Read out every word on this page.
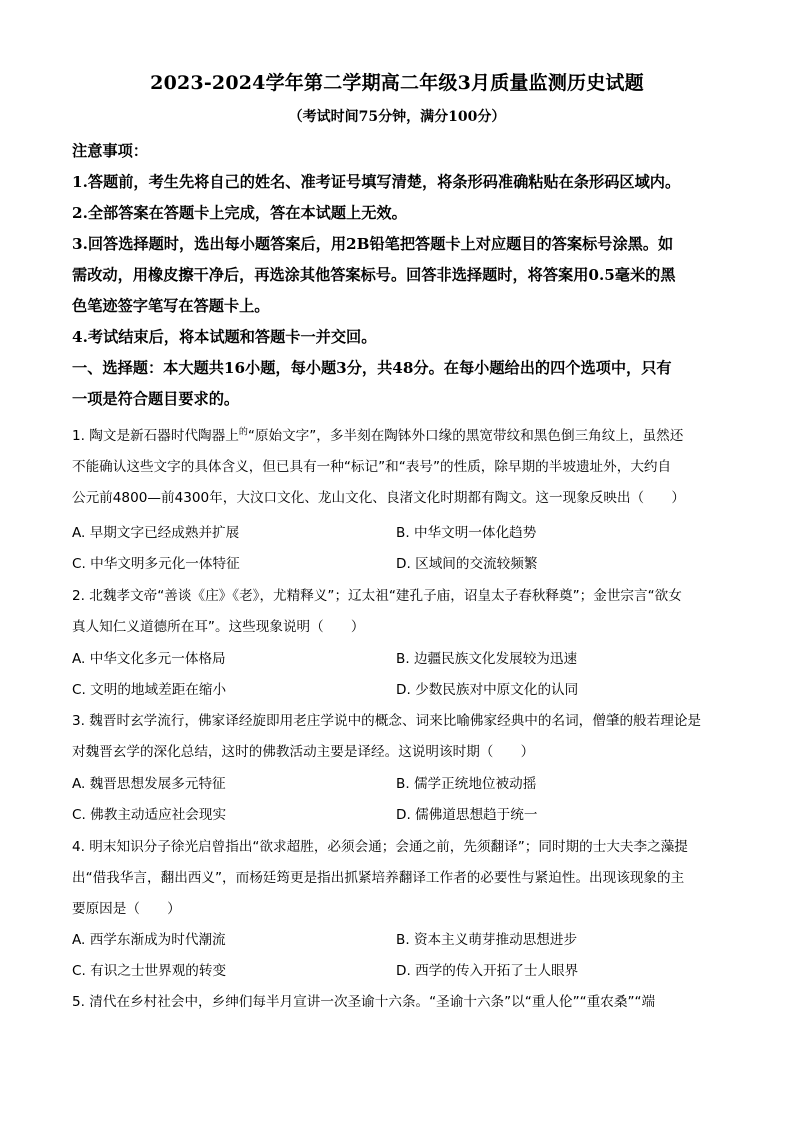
2023-2024学年第二学期高二年级3月质量监测历史试题
（考试时间75分钟，满分100分）
注意事项：
1.答题前，考生先将自己的姓名、准考证号填写清楚，将条形码准确粘贴在条形码区域内。
2.全部答案在答题卡上完成，答在本试题上无效。
3.回答选择题时，选出每小题答案后，用2B铅笔把答题卡上对应题目的答案标号涂黑。如
需改动，用橡皮擦干净后，再选涂其他答案标号。回答非选择题时，将答案用0.5毫米的黑
色笔迹签字笔写在答题卡上。
4.考试结束后，将本试题和答题卡一并交回。
一、选择题：本大题共16小题，每小题3分，共48分。在每小题给出的四个选项中，只有
一项是符合题目要求的。
1. 陶文是新石器时代陶器上$^的$“原始文字”，多半刻在陶钵外口缘的黑宽带纹和黑色倒三角纹上，虽然还
不能确认这些文字的具体含义，但已具有一种“标记”和“表号”的性质，除早期的半坡遗址外，大约自
公元前4800—前4300年，大汶口文化、龙山文化、良渚文化时期都有陶文。这一现象反映出（　　）
A. 早期文字已经成熟并扩展	B. 中华文明一体化趋势
C. 中华文明多元化一体特征	D. 区域间的交流较频繁
2. 北魏孝文帝“善谈《庄》《老》，尤精释义”；辽太祖“建孔子庙，诏皇太子春秋释奠”；金世宗言“欲女
真人知仁义道德所在耳”。这些现象说明（　　）
A. 中华文化多元一体格局	B. 边疆民族文化发展较为迅速
C. 文明的地域差距在缩小	D. 少数民族对中原文化的认同
3. 魏晋时玄学流行，佛家译经旋即用老庄学说中的概念、词来比喻佛家经典中的名词，僧肇的般若理论是
对魏晋玄学的深化总结，这时的佛教活动主要是译经。这说明该时期（　　）
A. 魏晋思想发展多元特征	B. 儒学正统地位被动摇
C. 佛教主动适应社会现实	D. 儒佛道思想趋于统一
4. 明末知识分子徐光启曾指出“欲求超胜，必须会通；会通之前，先须翻译”；同时期的士大夫李之藻提
出“借我华言，翻出西义”，而杨廷筠更是指出抓紧培养翻译工作者的必要性与紧迫性。出现该现象的主
要原因是（　　）
A. 西学东渐成为时代潮流	B. 资本主义萌芽推动思想进步
C. 有识之士世界观的转变	D. 西学的传入开拓了士人眼界
5. 清代在乡村社会中，乡绅们每半月宣讲一次圣谕十六条。“圣谕十六条”以“重人伦”“重农桑”“端
